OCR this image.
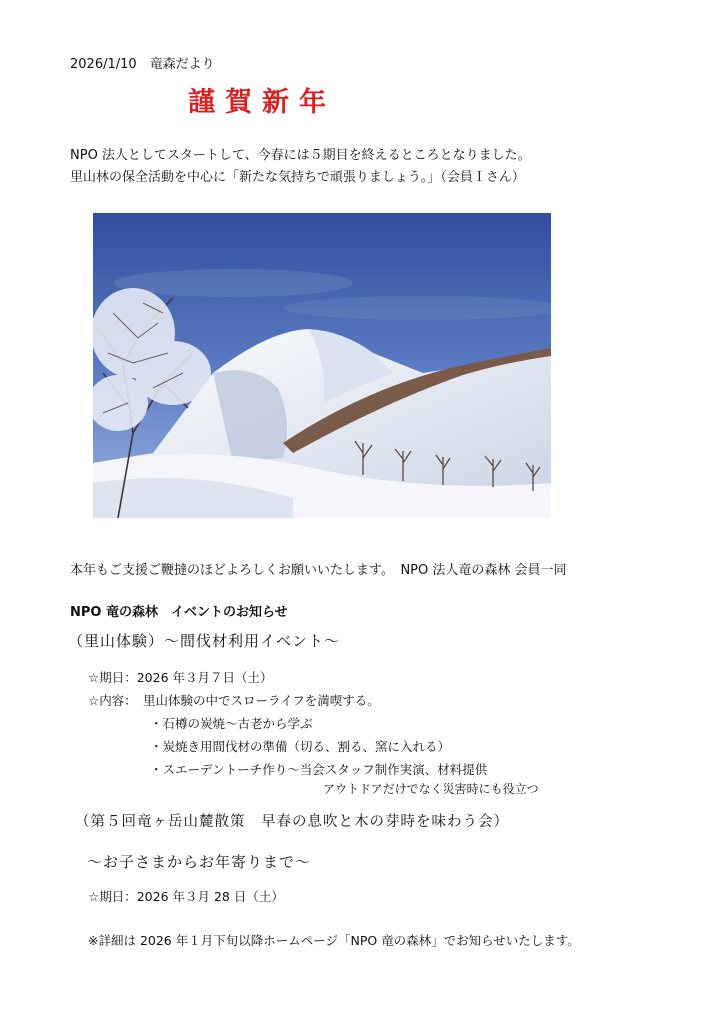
2026/1/10　竜森だより
謹賀新年
NPO 法人としてスタートして、今春には５期目を終えるところとなりました。
里山林の保全活動を中心に「新たな気持ちで頑張りましょう。」（会員Ｉさん）
本年もご支援ご鞭撻のほどよろしくお願いいたします。　NPO 法人竜の森林 会員一同
NPO 竜の森林　イベントのお知らせ
（里山体験）～間伐材利用イベント～
☆期日：2026 年３月７日（土）
☆内容：　里山体験の中でスローライフを満喫する。
・石樽の炭焼～古老から学ぶ
・炭焼き用間伐材の準備（切る、割る、窯に入れる）
・スエーデントーチ作り～当会スタッフ制作実演、材料提供
アウトドアだけでなく災害時にも役立つ
（第５回竜ヶ岳山麓散策　早春の息吹と木の芽時を味わう会）
～お子さまからお年寄りまで～
☆期日：2026 年３月 28 日（土）
※詳細は 2026 年１月下旬以降ホームページ「NPO 竜の森林」でお知らせいたします。
